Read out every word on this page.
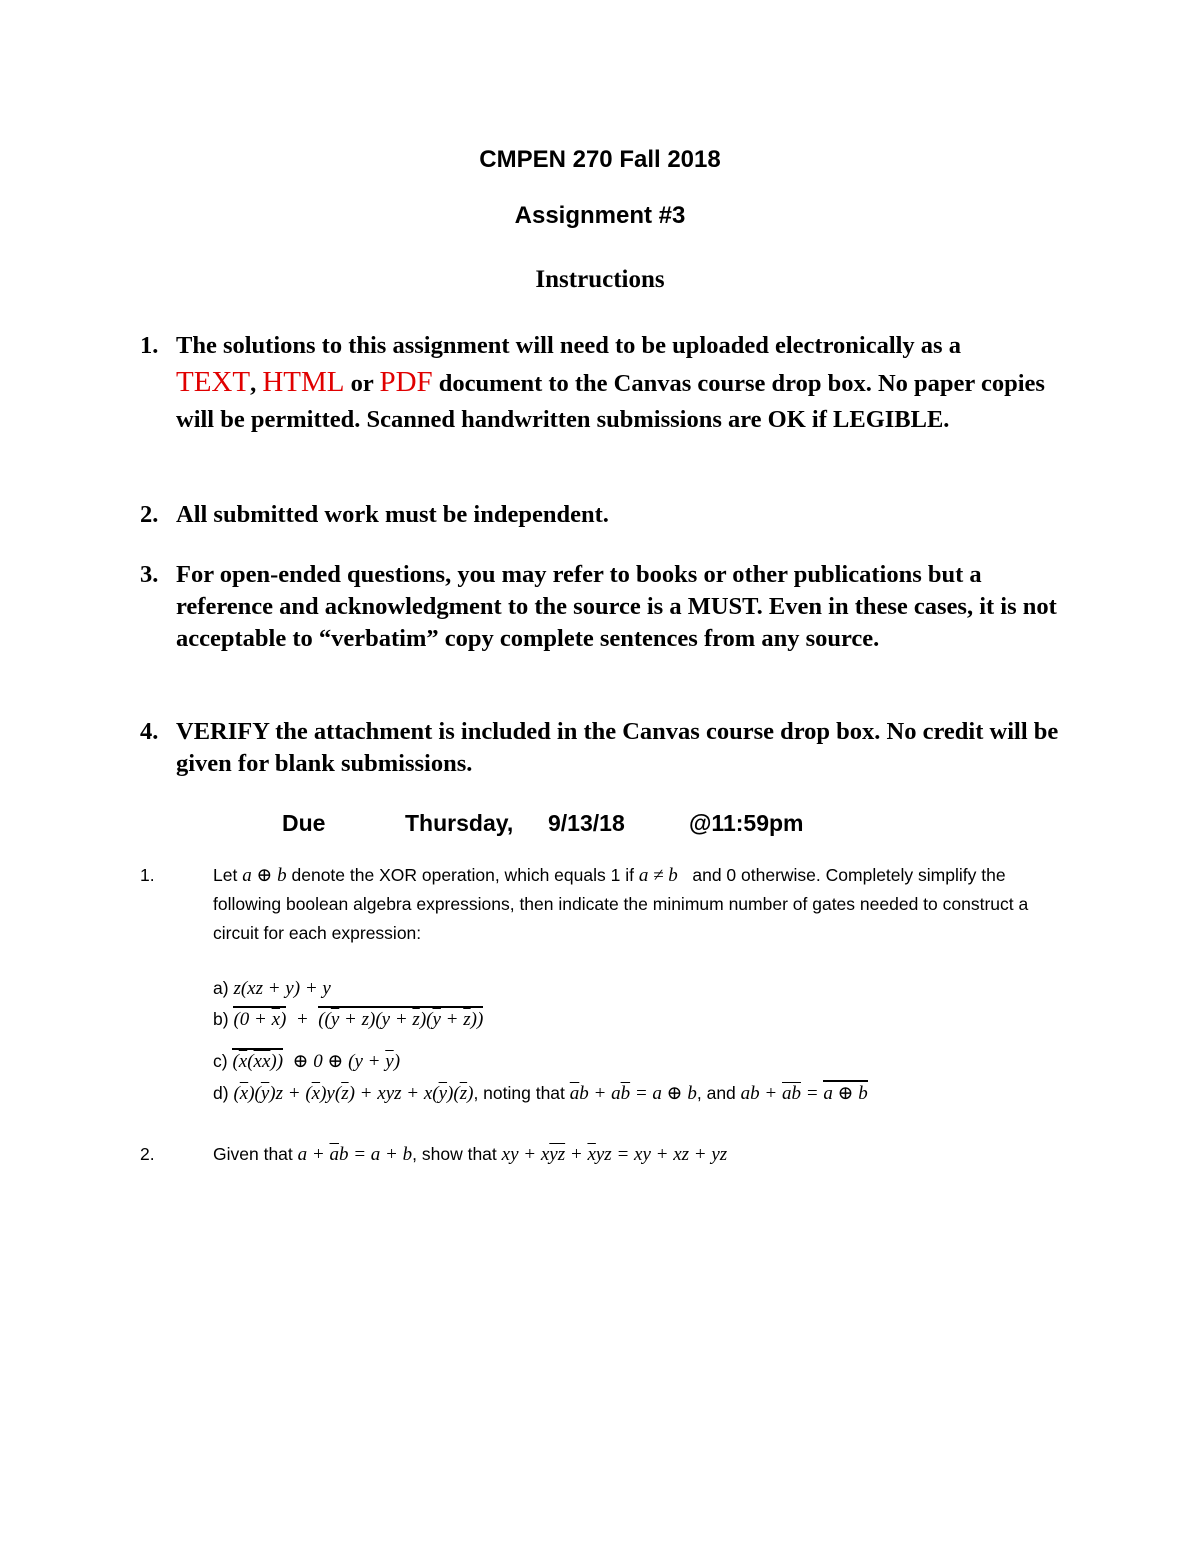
CMPEN 270 Fall 2018
Assignment #3
Instructions
1. The solutions to this assignment will need to be uploaded electronically as a
TEXT, HTML or PDF document to the Canvas course drop box. No paper copies will be permitted. Scanned handwritten submissions are OK if LEGIBLE.
2. All submitted work must be independent.
3. For open-ended questions, you may refer to books or other publications but a reference and acknowledgment to the source is a MUST. Even in these cases, it is not acceptable to “verbatim” copy complete sentences from any source.
4. VERIFY the attachment is included in the Canvas course drop box. No credit will be given for blank submissions.
Due	Thursday, 9/13/18	@11:59pm
1.	Let a ⊕ b denote the XOR operation, which equals 1 if a ≠ b and 0 otherwise. Completely simplify the following boolean algebra expressions, then indicate the minimum number of gates needed to construct a circuit for each expression:
a) z(xz + y) + y
b) $(0 + \overline{x}) + ((\overline{y} + z)(y + \overline{z})(\overline{y} + \overline{z}))$
c) $(\overline{x}(\overline{xx}))$  ⊕ 0 ⊕ $(y + \overline{y})$
d) $(\overline{x})(\overline{y})z + (\overline{x})y(\overline{z})$ + xyz + $x(\overline{y})(\overline{z})$, noting that $\overline{a}b + a\overline{b} = a$ ⊕ b, and ab + $\overline{ab} = a$ ⊕ b
2.	Given that $a + \overline{a}b = a + b$, show that xy + $x\overline{yz} + \overline{x}yz$ = xy + xz + yz
